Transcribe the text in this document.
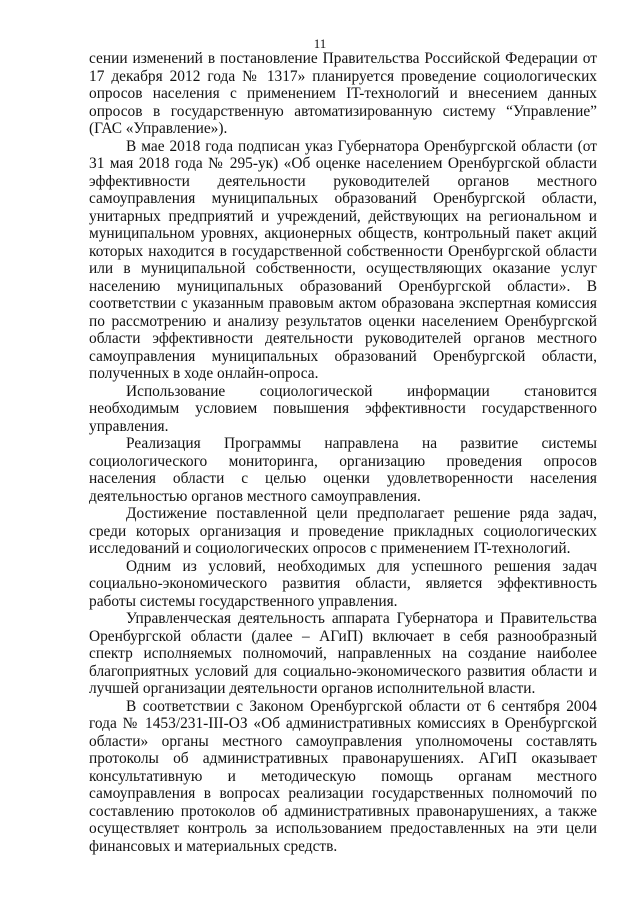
11

сении изменений в постановление Правительства Российской Федерации от 17 декабря 2012 года № 1317» планируется проведение социологических опросов населения с применением IT-технологий и внесением данных опросов в государственную автоматизированную систему “Управление” (ГАС «Управление»).

В мае 2018 года подписан указ Губернатора Оренбургской области (от 31 мая 2018 года № 295-ук) «Об оценке населением Оренбургской области эффективности деятельности руководителей органов местного самоуправления муниципальных образований Оренбургской области, унитарных предприятий и учреждений, действующих на региональном и муниципальном уровнях, акционерных обществ, контрольный пакет акций которых находится в государственной собственности Оренбургской области или в муниципальной собственности, осуществляющих оказание услуг населению муниципальных образований Оренбургской области». В соответствии с указанным правовым актом образована экспертная комиссия по рассмотрению и анализу результатов оценки населением Оренбургской области эффективности деятельности руководителей органов местного самоуправления муниципальных образований Оренбургской области, полученных в ходе онлайн-опроса.

Использование социологической информации становится необходимым условием повышения эффективности государственного управления.

Реализация Программы направлена на развитие системы социологического мониторинга, организацию проведения опросов населения области с целью оценки удовлетворенности населения деятельностью органов местного самоуправления.

Достижение поставленной цели предполагает решение ряда задач, среди которых организация и проведение прикладных социологических исследований и социологических опросов с применением IT-технологий.

Одним из условий, необходимых для успешного решения задач социально-экономического развития области, является эффективность работы системы государственного управления.

Управленческая деятельность аппарата Губернатора и Правительства Оренбургской области (далее – АГиП) включает в себя разнообразный спектр исполняемых полномочий, направленных на создание наиболее благоприятных условий для социально-экономического развития области и лучшей организации деятельности органов исполнительной власти.

В соответствии с Законом Оренбургской области от 6 сентября 2004 года № 1453/231-III-ОЗ «Об административных комиссиях в Оренбургской области» органы местного самоуправления уполномочены составлять протоколы об административных правонарушениях. АГиП оказывает консультативную и методическую помощь органам местного самоуправления в вопросах реализации государственных полномочий по составлению протоколов об административных правонарушениях, а также осуществляет контроль за использованием предоставленных на эти цели финансовых и материальных средств.
